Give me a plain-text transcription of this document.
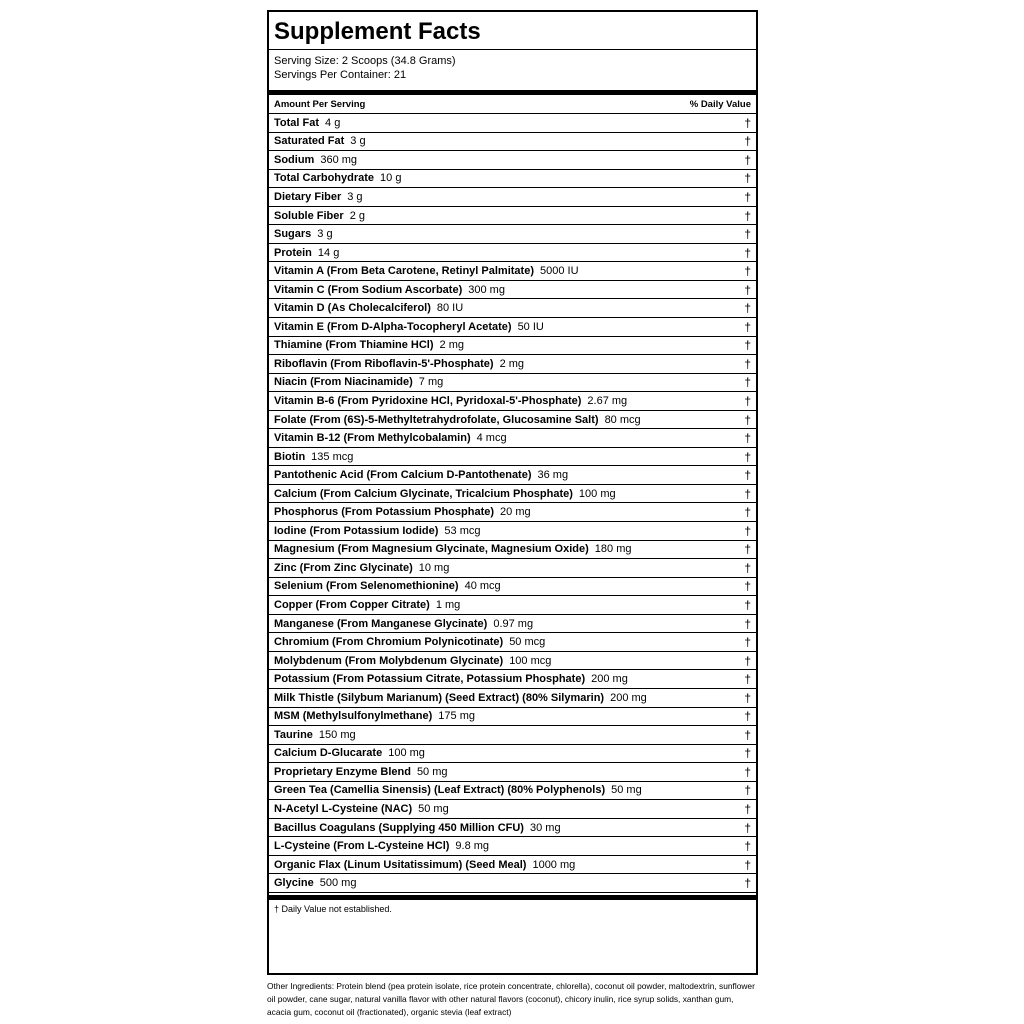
Supplement Facts
Serving Size: 2 Scoops (34.8 Grams)
Servings Per Container: 21
Amount Per Serving	% Daily Value
Total Fat 4 g	†
Saturated Fat 3 g	†
Sodium 360 mg	†
Total Carbohydrate 10 g	†
Dietary Fiber 3 g	†
Soluble Fiber 2 g	†
Sugars 3 g	†
Protein 14 g	†
Vitamin A (From Beta Carotene, Retinyl Palmitate) 5000 IU	†
Vitamin C (From Sodium Ascorbate) 300 mg	†
Vitamin D (As Cholecalciferol) 80 IU	†
Vitamin E (From D-Alpha-Tocopheryl Acetate) 50 IU	†
Thiamine (From Thiamine HCl) 2 mg	†
Riboflavin (From Riboflavin-5'-Phosphate) 2 mg	†
Niacin (From Niacinamide) 7 mg	†
Vitamin B-6 (From Pyridoxine HCl, Pyridoxal-5'-Phosphate) 2.67 mg	†
Folate (From (6S)-5-Methyltetrahydrofolate, Glucosamine Salt) 80 mcg	†
Vitamin B-12 (From Methylcobalamin) 4 mcg	†
Biotin 135 mcg	†
Pantothenic Acid (From Calcium D-Pantothenate) 36 mg	†
Calcium (From Calcium Glycinate, Tricalcium Phosphate) 100 mg	†
Phosphorus (From Potassium Phosphate) 20 mg	†
Iodine (From Potassium Iodide) 53 mcg	†
Magnesium (From Magnesium Glycinate, Magnesium Oxide) 180 mg	†
Zinc (From Zinc Glycinate) 10 mg	†
Selenium (From Selenomethionine) 40 mcg	†
Copper (From Copper Citrate) 1 mg	†
Manganese (From Manganese Glycinate) 0.97 mg	†
Chromium (From Chromium Polynicotinate) 50 mcg	†
Molybdenum (From Molybdenum Glycinate) 100 mcg	†
Potassium (From Potassium Citrate, Potassium Phosphate) 200 mg	†
Milk Thistle (Silybum Marianum) (Seed Extract) (80% Silymarin) 200 mg	†
MSM (Methylsulfonylmethane) 175 mg	†
Taurine 150 mg	†
Calcium D-Glucarate 100 mg	†
Proprietary Enzyme Blend 50 mg	†
Green Tea (Camellia Sinensis) (Leaf Extract) (80% Polyphenols) 50 mg	†
N-Acetyl L-Cysteine (NAC) 50 mg	†
Bacillus Coagulans (Supplying 450 Million CFU) 30 mg	†
L-Cysteine (From L-Cysteine HCl) 9.8 mg	†
Organic Flax (Linum Usitatissimum) (Seed Meal) 1000 mg	†
Glycine 500 mg	†
† Daily Value not established.
Other Ingredients: Protein blend (pea protein isolate, rice protein concentrate, chlorella), coconut oil powder, maltodextrin, sunflower oil powder, cane sugar, natural vanilla flavor with other natural flavors (coconut), chicory inulin, rice syrup solids, xanthan gum, acacia gum, coconut oil (fractionated), organic stevia (leaf extract)
